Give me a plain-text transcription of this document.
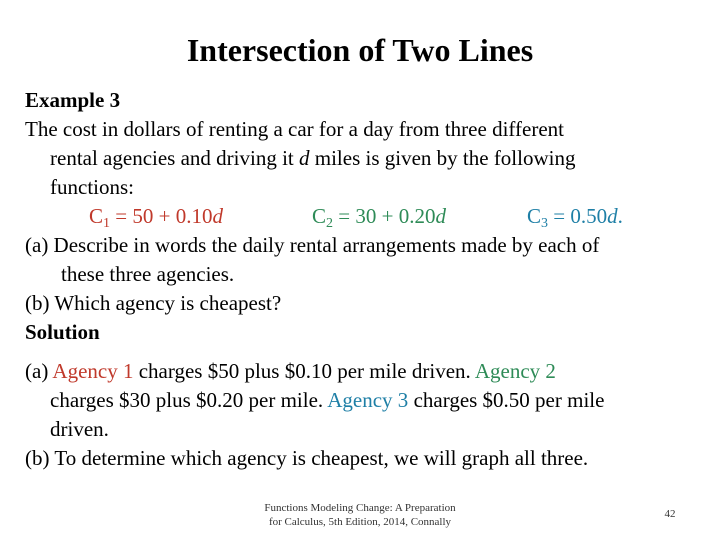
Intersection of Two Lines
Example 3
The cost in dollars of renting a car for a day from three different
rental agencies and driving it d miles is given by the following
functions:
$C_1 = 50 + 0.10d$	$C_2 = 30 + 0.20d$	$C_3 = 0.50d$.
(a) Describe in words the daily rental arrangements made by each of
these three agencies.
(b) Which agency is cheapest?
Solution
(a) Agency 1 charges $50 plus $0.10 per mile driven. Agency 2
charges $30 plus $0.20 per mile. Agency 3 charges $0.50 per mile
driven.
(b) To determine which agency is cheapest, we will graph all three.
Functions Modeling Change: A Preparation
for Calculus, 5th Edition, 2014, Connally
42
